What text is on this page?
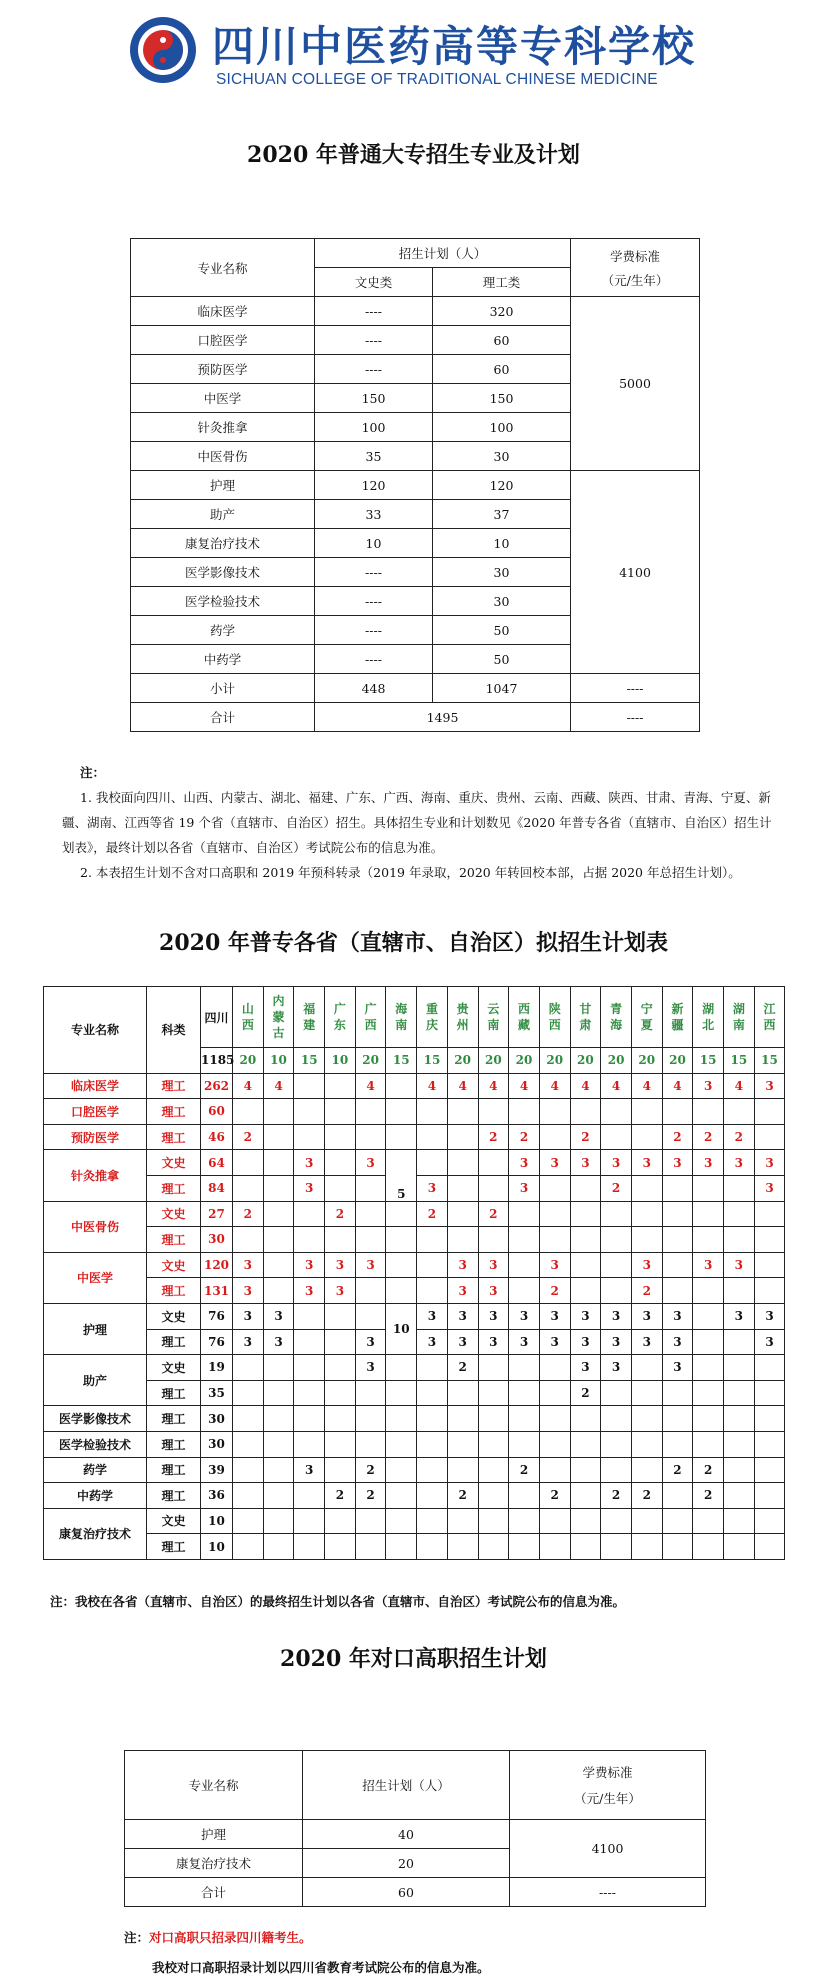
四川中医药高等专科学校
SICHUAN COLLEGE OF TRADITIONAL CHINESE MEDICINE
2020 年普通大专招生专业及计划
专业名称	招生计划（人）		学费标准
（元/生年）

	文史类	理工类	
临床医学	----	320	5000
口腔医学	----	60	
预防医学	----	60	
中医学	150	150	
针灸推拿	100	100	
中医骨伤	35	30	
护理	120	120	4100
助产	33	37	
康复治疗技术	10	10	
医学影像技术	----	30	
医学检验技术	----	30	
药学	----	50	
中药学	----	50	
小计	448	1047	----
合计	1495		----
注：
1. 我校面向四川、山西、内蒙古、湖北、福建、广东、广西、海南、重庆、贵州、云南、西藏、陕西、甘肃、青海、宁夏、新疆、湖南、江西等省 19 个省（直辖市、自治区）招生。具体招生专业和计划数见《2020 年普专各省（直辖市、自治区）招生计划表》，最终计划以各省（直辖市、自治区）考试院公布的信息为准。
2. 本表招生计划不含对口高职和 2019 年预科转录（2019 年录取，2020 年转回校本部，占据 2020 年总招生计划）。
2020 年普专各省（直辖市、自治区）拟招生计划表
专业名称	科类	四川	山西	内蒙古	福建	广东	广西	海南	重庆	贵州	云南	西藏	陕西	甘肃	青海	宁夏	新疆	湖北	湖南	江西
		1185	20	10	15	10	20	15	15	20	20	20	20	20	20	20	20	15	15	15
临床医学	理工	262	4	4			4		4	4	4	4	4	4	4	4	4	3	4	3
口腔医学	理工	60																		
预防医学	理工	46	2								2	2		2			2	2	2	
针灸推拿	文史	64			3		3	5				3	3	3	3	3	3	3	3	3
	理工	84			3				3			3			2					3
中医骨伤	文史	27	2			2			2		2									
	理工	30																		
中医学	文史	120	3		3	3	3			3	3		3			3		3	3	
	理工	131	3		3	3				3	3		2			2				
护理	文史	76	3	3				10	3	3	3	3	3	3	3	3	3		3	3
	理工	76	3	3			3		3	3	3	3	3	3	3	3	3			3
助产	文史	19					3			2				3	3		3			
	理工	35												2						
医学影像技术	理工	30																		
医学检验技术	理工	30																		
药学	理工	39			3		2					2					2	2		
中药学	理工	36				2	2			2			2		2	2		2		
康复治疗技术	文史	10																		
	理工	10																		
注：我校在各省（直辖市、自治区）的最终招生计划以各省（直辖市、自治区）考试院公布的信息为准。
2020 年对口高职招生计划
专业名称	招生计划（人）	学费标准
（元/生年）

护理	40	4100
康复治疗技术	20	
合计	60	----
注：对口高职只招录四川籍考生。
我校对口高职招录计划以四川省教育考试院公布的信息为准。
